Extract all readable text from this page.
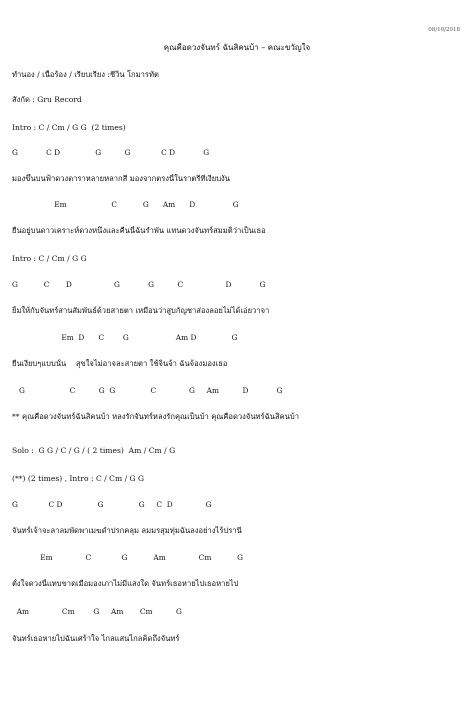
08/10/2018
คุณคือดวงจันทร์ ฉันสิคนบ้า – คณะขวัญใจ
ทำนอง / เนื้อร้อง / เรียบเรียง :ชีวิน โกมารทัต
สังกัด : Gru Record
Intro : C / Cm / G G  (2 times)
G            C D               G          G             C D            G
มองขึ้นบนฟ้าดวงดาราหลายหลากสี มองจากตรงนี้ในราตรีที่เงียบงัน
Em                   C           G      Am      D                G
ยืนอยู่บนดาวเคราะห์ดวงหนึ่งและคืนนี้ฉันรำพัน แทนดวงจันทร์สมมติว่าเป็นเธอ
Intro : C / Cm / G G
G           C       D                  G            G          C                  D            G
ยิ้มให้กับจันทร์สานสัมพันธ์ด้วยสายตา เหมือนว่าสูบกัญชาส่องลอยไม่ได้เอ่ยวาจา
Em  D      C        G                    Am D               G
ยืนเงียบๆแบบนั้น    สุขใจไม่อาจละสายตา ใช้จินจ้า ฉันจ้องมองเธอ
G                   C          G  G               C              G     Am          D            G
** คุณคือดวงจันทร์ฉันสิคนบ้า หลงรักจันทร์หลงรักคุณเป็นบ้า คุณคือดวงจันทร์ฉันสิคนบ้า
Solo :  G G / C / G / ( 2 times)  Am / Cm / G
(**) (2 times) , Intro : C / Cm / G G
G             C D               G               G     C  D              G
จันทร์เจ้าจะลาลมพัดพาเมฆดำปรกคลุม ลมมรสุมทุ่มฉันลงอย่างไร้ปรานี
Em              C             G           Am              Cm           G
ตั้งใจดวงนี้แทบขาดเมื่อมองเภาไม่มีแสงใด จันทร์เธอหายไปเธอหายไป
Am              Cm        G     Am       Cm          G
จันทร์เธอหายไปฉันเศร้าใจ ไกลแสนไกลคิดถึงจันทร์
